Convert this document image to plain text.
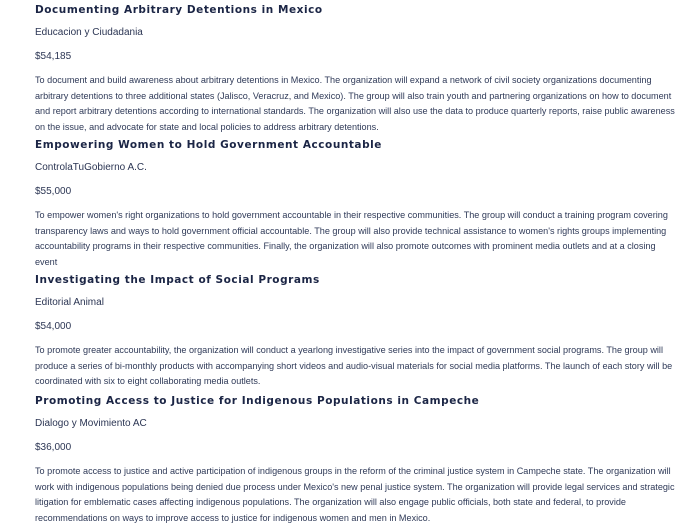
Documenting Arbitrary Detentions in Mexico

Educacion y Ciudadania

$54,185

To document and build awareness about arbitrary detentions in Mexico. The organization will expand a network of civil society organizations documenting arbitrary detentions to three additional states (Jalisco, Veracruz, and Mexico). The group will also train youth and partnering organizations on how to document and report arbitrary detentions according to international standards. The organization will also use the data to produce quarterly reports, raise public awareness on the issue, and advocate for state and local policies to address arbitrary detentions.

Empowering Women to Hold Government Accountable

ControlaTuGobierno A.C.

$55,000

To empower women's right organizations to hold government accountable in their respective communities. The group will conduct a training program covering transparency laws and ways to hold government official accountable. The group will also provide technical assistance to women's rights groups implementing accountability programs in their respective communities. Finally, the organization will also promote outcomes with prominent media outlets and at a closing event

Investigating the Impact of Social Programs

Editorial Animal

$54,000

To promote greater accountability, the organization will conduct a yearlong investigative series into the impact of government social programs. The group will produce a series of bi-monthly products with accompanying short videos and audio-visual materials for social media platforms. The launch of each story will be coordinated with six to eight collaborating media outlets.

Promoting Access to Justice for Indigenous Populations in Campeche

Dialogo y Movimiento AC

$36,000

To promote access to justice and active participation of indigenous groups in the reform of the criminal justice system in Campeche state. The organization will work with indigenous populations being denied due process under Mexico's new penal justice system. The organization will provide legal services and strategic litigation for emblematic cases affecting indigenous populations. The organization will also engage public officials, both state and federal, to provide recommendations on ways to improve access to justice for indigenous women and men in Mexico.
